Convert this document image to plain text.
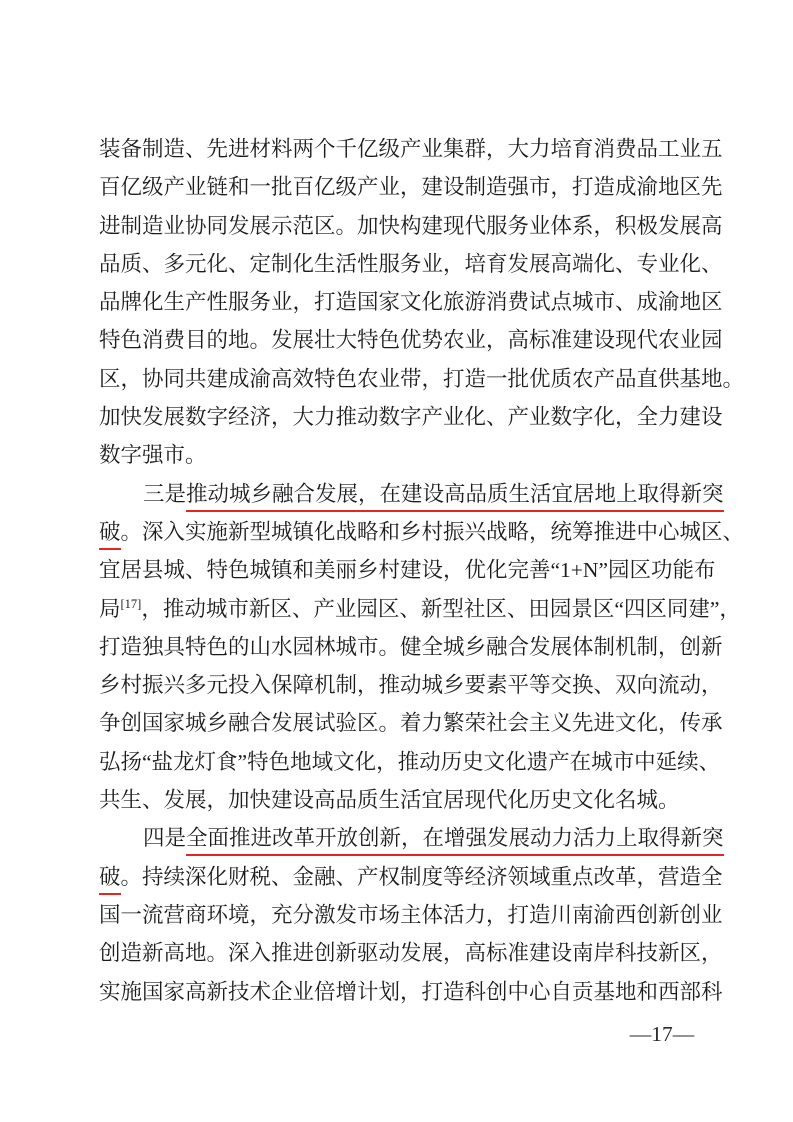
装备制造、先进材料两个千亿级产业集群，大力培育消费品工业五
百亿级产业链和一批百亿级产业，建设制造强市，打造成渝地区先
进制造业协同发展示范区。加快构建现代服务业体系，积极发展高
品质、多元化、定制化生活性服务业，培育发展高端化、专业化、
品牌化生产性服务业，打造国家文化旅游消费试点城市、成渝地区
特色消费目的地。发展壮大特色优势农业，高标准建设现代农业园
区，协同共建成渝高效特色农业带，打造一批优质农产品直供基地。
加快发展数字经济，大力推动数字产业化、产业数字化，全力建设
数字强市。
三是推动城乡融合发展，在建设高品质生活宜居地上取得新突
破。深入实施新型城镇化战略和乡村振兴战略，统筹推进中心城区、
宜居县城、特色城镇和美丽乡村建设，优化完善“1+N”园区功能布
局[17]，推动城市新区、产业园区、新型社区、田园景区“四区同建”，
打造独具特色的山水园林城市。健全城乡融合发展体制机制，创新
乡村振兴多元投入保障机制，推动城乡要素平等交换、双向流动，
争创国家城乡融合发展试验区。着力繁荣社会主义先进文化，传承
弘扬“盐龙灯食”特色地域文化，推动历史文化遗产在城市中延续、
共生、发展，加快建设高品质生活宜居现代化历史文化名城。
四是全面推进改革开放创新，在增强发展动力活力上取得新突
破。持续深化财税、金融、产权制度等经济领域重点改革，营造全
国一流营商环境，充分激发市场主体活力，打造川南渝西创新创业
创造新高地。深入推进创新驱动发展，高标准建设南岸科技新区，
实施国家高新技术企业倍增计划，打造科创中心自贡基地和西部科
—17—
